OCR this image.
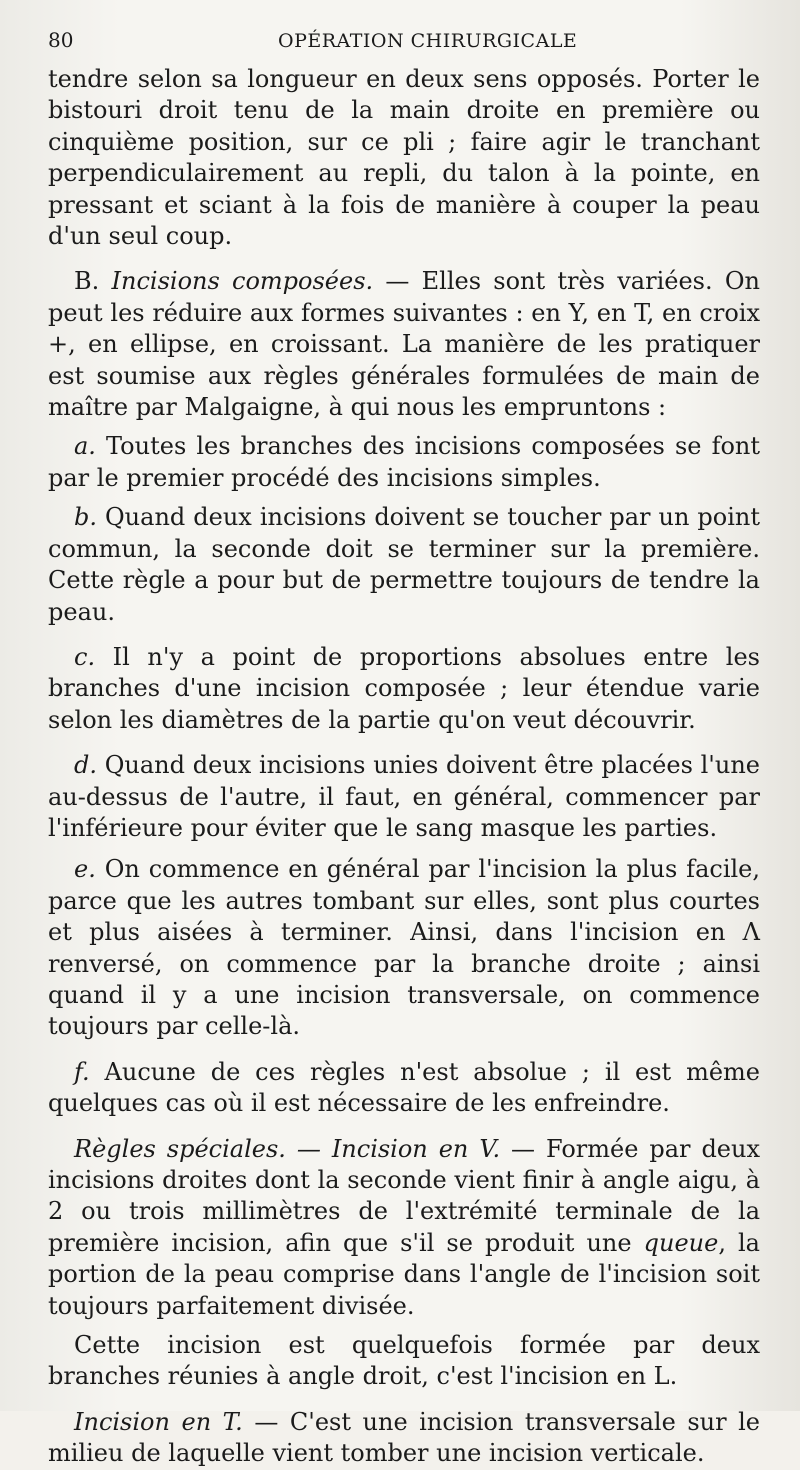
80	OPÉRATION CHIRURGICALE

tendre selon sa longueur en deux sens opposés. Porter le bistouri droit tenu de la main droite en première ou cinquième position, sur ce pli ; faire agir le tranchant perpendiculairement au repli, du talon à la pointe, en pressant et sciant à la fois de manière à couper la peau d'un seul coup.

B. Incisions composées. — Elles sont très variées. On peut les réduire aux formes suivantes : en Y, en T, en croix +, en ellipse, en croissant. La manière de les pratiquer est soumise aux règles générales formulées de main de maître par Malgaigne, à qui nous les empruntons :

a. Toutes les branches des incisions composées se font par le premier procédé des incisions simples.

b. Quand deux incisions doivent se toucher par un point commun, la seconde doit se terminer sur la première. Cette règle a pour but de permettre toujours de tendre la peau.

c. Il n'y a point de proportions absolues entre les branches d'une incision composée ; leur étendue varie selon les diamètres de la partie qu'on veut découvrir.

d. Quand deux incisions unies doivent être placées l'une au-dessus de l'autre, il faut, en général, commencer par l'inférieure pour éviter que le sang masque les parties.

e. On commence en général par l'incision la plus facile, parce que les autres tombant sur elles, sont plus courtes et plus aisées à terminer. Ainsi, dans l'incision en Λ renversé, on commence par la branche droite ; ainsi quand il y a une incision transversale, on commence toujours par celle-là.

f. Aucune de ces règles n'est absolue ; il est même quelques cas où il est nécessaire de les enfreindre.

Règles spéciales. — Incision en V. — Formée par deux incisions droites dont la seconde vient finir à angle aigu, à 2 ou trois millimètres de l'extrémité terminale de la première incision, afin que s'il se produit une queue, la portion de la peau comprise dans l'angle de l'incision soit toujours parfaitement divisée.

Cette incision est quelquefois formée par deux branches réunies à angle droit, c'est l'incision en L.

Incision en T. — C'est une incision transversale sur le milieu de laquelle vient tomber une incision verticale.
